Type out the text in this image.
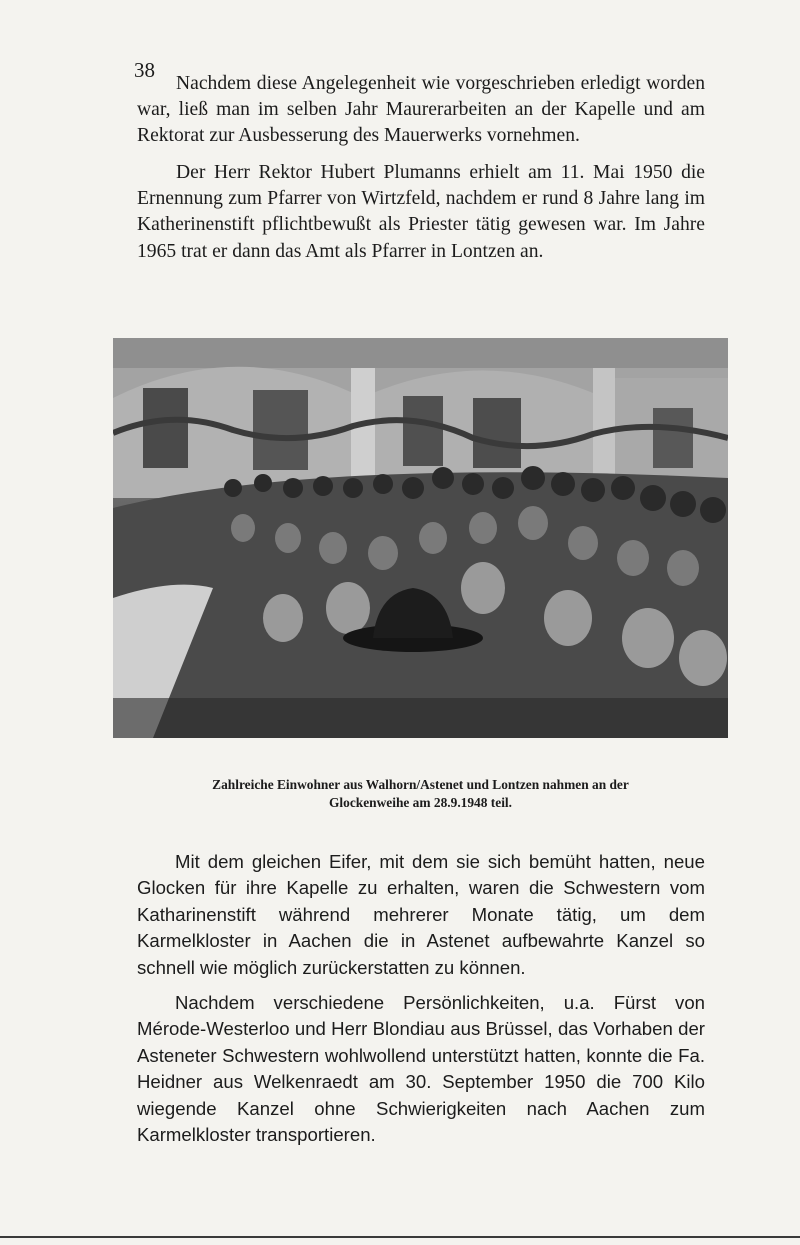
38

Nachdem diese Angelegenheit wie vorgeschrieben erledigt worden war, ließ man im selben Jahr Maurerarbeiten an der Kapelle und am Rektorat zur Ausbesserung des Mauerwerks vornehmen.

Der Herr Rektor Hubert Plumanns erhielt am 11. Mai 1950 die Ernennung zum Pfarrer von Wirtzfeld, nachdem er rund 8 Jahre lang im Katherinenstift pflichtbewußt als Priester tätig gewesen war. Im Jahre 1965 trat er dann das Amt als Pfarrer in Lontzen an.

Zahlreiche Einwohner aus Walhorn/Astenet und Lontzen nahmen an der
Glockenweihe am 28.9.1948 teil.

Mit dem gleichen Eifer, mit dem sie sich bemüht hatten, neue Glocken für ihre Kapelle zu erhalten, waren die Schwestern vom Katharinenstift während mehrerer Monate tätig, um dem Karmelkloster in Aachen die in Astenet aufbewahrte Kanzel so schnell wie möglich zurückerstatten zu können.

Nachdem verschiedene Persönlichkeiten, u.a. Fürst von Mérode-Westerloo und Herr Blondiau aus Brüssel, das Vorhaben der Asteneter Schwestern wohlwollend unterstützt hatten, konnte die Fa. Heidner aus Welkenraedt am 30. September 1950 die 700 Kilo wiegende Kanzel ohne Schwierigkeiten nach Aachen zum Karmelkloster transportieren.
